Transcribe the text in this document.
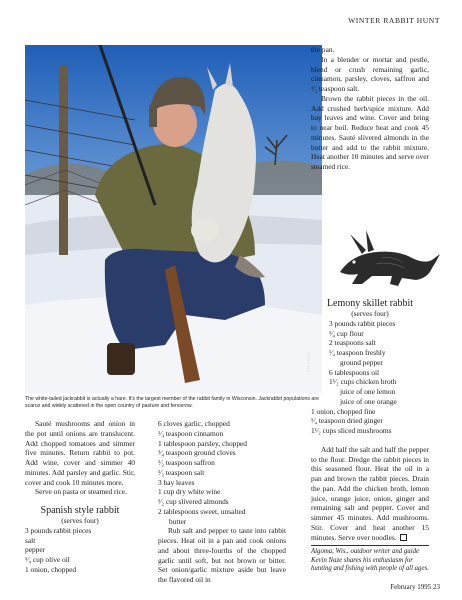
WINTER RABBIT HUNT
DAN PEACE
The white-tailed jackrabbit is actually a hare. It's the largest member of the rabbit family in Wisconsin. Jackrabbit populations are scarce and widely scattered in the open country of pasture and fencerow.

Sauté mushrooms and onion in the pot until onions are translucent. Add chopped tomatoes and simmer five minutes. Return rabbit to pot. Add wine, cover and simmer 40 minutes. Add parsley and garlic. Stir, cover and cook 10 minutes more.

Serve on pasta or steamed rice.

Spanish style rabbit

(serves four)

3 pounds rabbit pieces
salt
pepper
¹⁄₄ cup olive oil
1 onion, chopped
6 cloves garlic, chopped
¹⁄₄ teaspoon cinnamon
1 tablespoon parsley, chopped
¹⁄₄ teaspoon ground cloves
¹⁄₂ teaspoon saffron
¹⁄₂ teaspoon salt
3 bay leaves
1 cup dry white wine
¹⁄₂ cup slivered almonds
2 tablespoons sweet, unsalted
butter

Rub salt and pepper to taste into rabbit pieces. Heat oil in a pan and cook onions and about three-fourths of the chopped garlic until soft, but not brown or bitter. Set onion/garlic mixture aside but leave the flavored oil in

the pan.

In a blender or mortar and pestle, blend or crush remaining garlic, cinnamon, parsley, cloves, saffron and ¹⁄₂ teaspoon salt.

Brown the rabbit pieces in the oil. Add crushed herb/spice mixture. Add bay leaves and wine. Cover and bring to near boil. Reduce heat and cook 45 minutes. Sauté slivered almonds in the butter and add to the rabbit mixture. Heat another 10 minutes and serve over steamed rice.

Lemony skillet rabbit

(serves four)

3 pounds rabbit pieces
¹⁄₄ cup flour
2 teaspoons salt
¹⁄₄ teaspoon freshly
ground pepper
6 tablespoons oil
1¹⁄₂ cups chicken broth
juice of one lemon
juice of one orange
1 onion, chopped fine
¹⁄₄ teaspoon dried ginger
1¹⁄₂ cups sliced mushrooms

Add half the salt and half the pepper to the flour. Dredge the rabbit pieces in this seasoned flour. Heat the oil in a pan and brown the rabbit pieces. Drain the pan. Add the chicken broth, lemon juice, orange juice, onion, ginger and remaining salt and pepper. Cover and simmer 45 minutes. Add mushrooms. Stir. Cover and heat another 15 minutes. Serve over noodles.

Algoma, Wis., outdoor writer and guide Kevin Naze shares his enthusiasm for hunting and fishing with people of all ages.

February 1995 23
